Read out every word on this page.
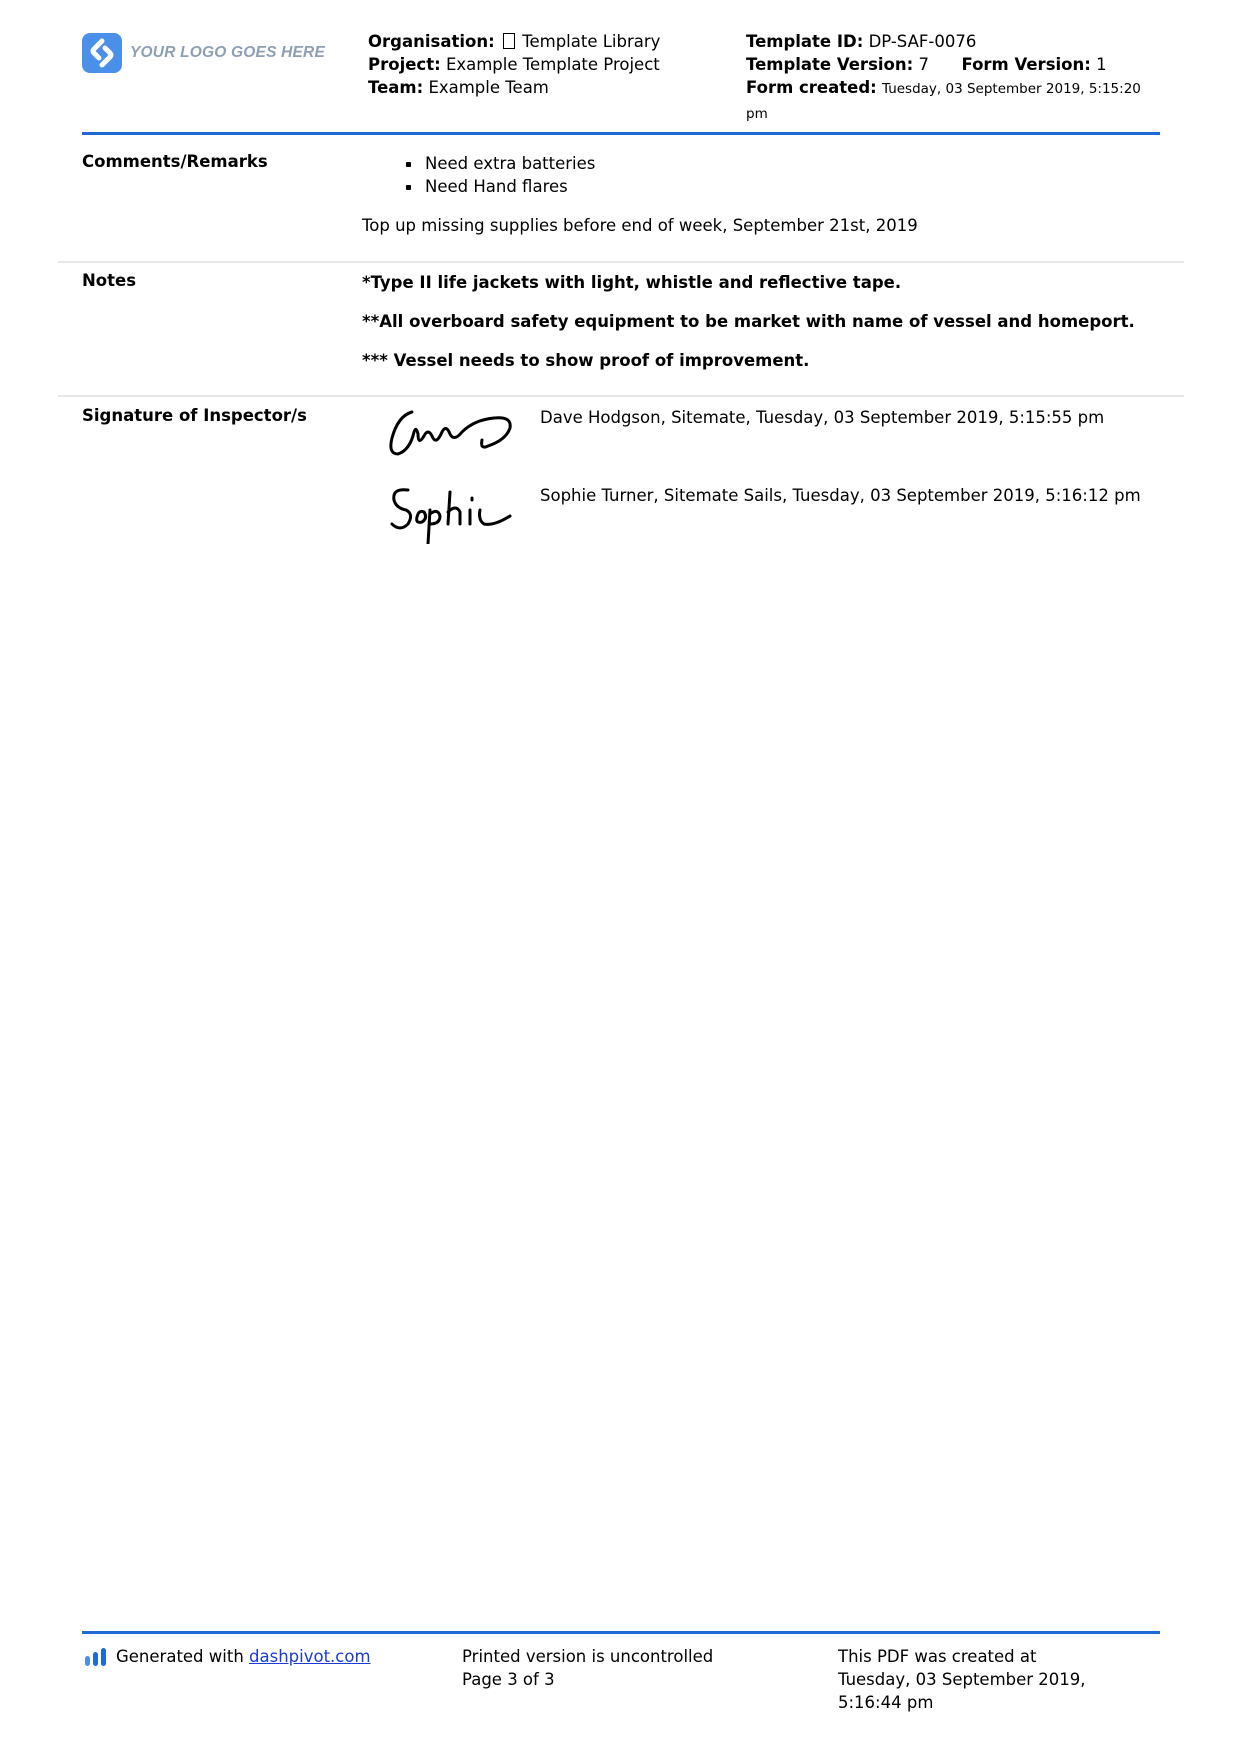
YOUR LOGO GOES HERE
Organisation: Template Library
Project: Example Template Project
Team: Example Team
Template ID: DP-SAF-0076
Template Version: 7 Form Version: 1
Form created: Tuesday, 03 September 2019, 5:15:20 pm
Comments/Remarks	Need extra batteries
Need Hand flares
Top up missing supplies before end of week, September 21st, 2019
Notes	*Type II life jackets with light, whistle and reflective tape.

**All overboard safety equipment to be market with name of vessel and homeport.

*** Vessel needs to show proof of improvement.

Signature of Inspector/s	Dave Hodgson, Sitemate, Tuesday, 03 September 2019, 5:15:55 pm
Sophie Turner, Sitemate Sails, Tuesday, 03 September 2019, 5:16:12 pm
Generated with dashpivot.com	Printed version is uncontrolled
Page 3 of 3
This PDF was created at
Tuesday, 03 September 2019,
5:16:44 pm
